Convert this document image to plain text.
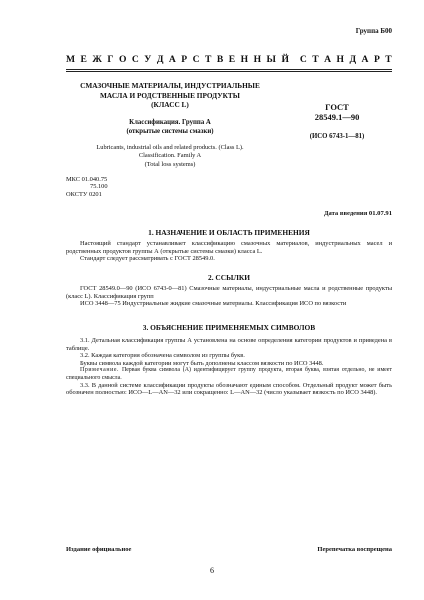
Группа Б00
М Е Ж Г О С У Д А Р С Т В Е Н Н Ы Й С Т А Н Д А Р Т
СМАЗОЧНЫЕ МАТЕРИАЛЫ, ИНДУСТРИАЛЬНЫЕ
МАСЛА И РОДСТВЕННЫЕ ПРОДУКТЫ
(КЛАСС L)
Классификация. Группа А
(открытые системы смазки)
Lubricants, industrial oils and related products. (Class L).
Classification. Family A
(Total loss systems)
ГОСТ
28549.1—90
(ИСО 6743-1—81)
МКС 01.040.75
75.100
ОКСТУ 0201
Дата введения 01.07.91
1. НАЗНАЧЕНИЕ И ОБЛАСТЬ ПРИМЕНЕНИЯ

Настоящий стандарт устанавливает классификацию смазочных материалов, индустриальных масел и родственных продуктов группы А (открытые системы смазки) класса L.

Стандарт следует рассматривать с ГОСТ 28549.0.

2. ССЫЛКИ

ГОСТ 28549.0—90 (ИСО 6743-0—81) Смазочные материалы, индустриальные масла и родственные продукты (класс L). Классификация групп

ИСО 3448—75 Индустриальные жидкие смазочные материалы. Классификация ИСО по вязкости

3. ОБЪЯСНЕНИЕ ПРИМЕНЯЕМЫХ СИМВОЛОВ

3.1. Детальная классификация группы А установлена на основе определения категории продуктов и приведена в таблице.

3.2. Каждая категория обозначена символом из группы букв.

Буквы символа каждой категории могут быть дополнены классом вязкости по ИСО 3448.

Примечание. Первая буква символа (А) идентифицирует группу продукта, вторая буква, взятая отдельно, не имеет специального смысла.

3.3. В данной системе классификации продукты обозначают единым способом. Отдельный продукт может быть обозначен полностью: ИСО—L—AN—32 или сокращенно: L—AN—32 (число указывает вязкость по ИСО 3448).

Издание официальное	Перепечатка воспрещена
6
